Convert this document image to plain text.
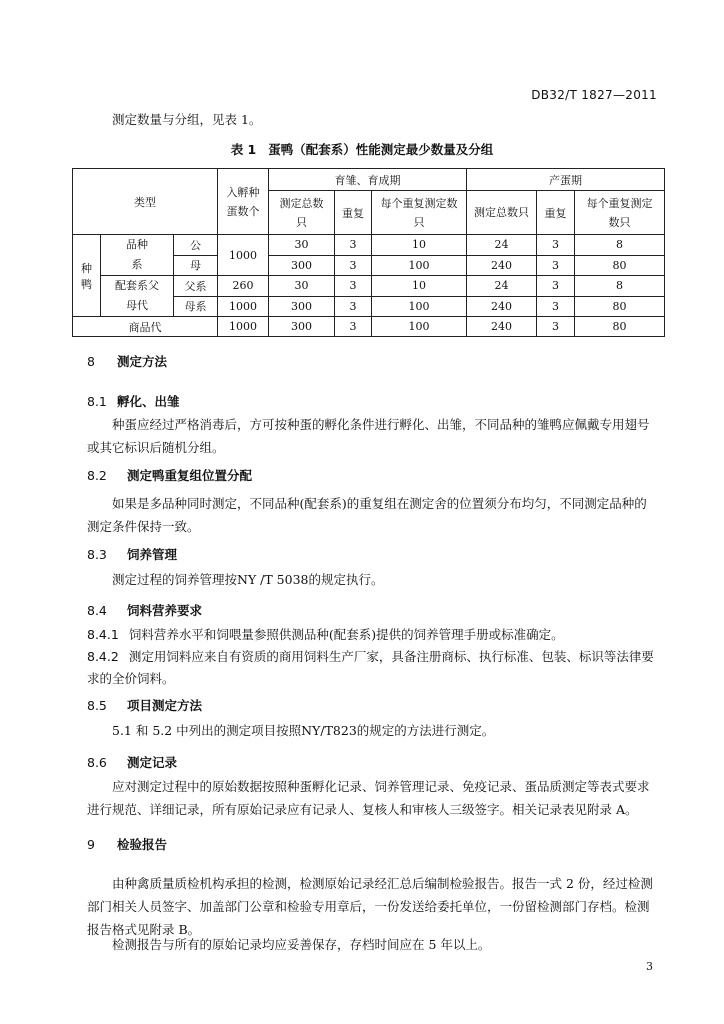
DB32/T 1827—2011
测定数量与分组，见表 1。
表 1 蛋鸭（配套系）性能测定最少数量及分组
类型			入孵种蛋数个	育雏、育成期			产蛋期		
				测定总数只	重复	每个重复测定数只	测定总数只	重复	每个重复测定数只
种鸭	品种系	公	1000	30	3	10	24	3	8
		母		300	3	100	240	3	80
	配套系父母代	父系	260	30	3	10	24	3	8
		母系	1000	300	3	100	240	3	80
商品代			1000	300	3	100	240	3	80
8 测定方法
8.1 孵化、出雏
种蛋应经过严格消毒后，方可按种蛋的孵化条件进行孵化、出雏，不同品种的雏鸭应佩戴专用翅号或其它标识后随机分组。
8.2 测定鸭重复组位置分配
如果是多品种同时测定，不同品种(配套系)的重复组在测定舍的位置须分布均匀，不同测定品种的测定条件保持一致。
8.3 饲养管理
测定过程的饲养管理按NY /T 5038的规定执行。
8.4 饲料营养要求
8.4.1 饲料营养水平和饲喂量参照供测品种(配套系)提供的饲养管理手册或标准确定。
8.4.2 测定用饲料应来自有资质的商用饲料生产厂家，具备注册商标、执行标准、包装、标识等法律要求的全价饲料。
8.5 项目测定方法
5.1 和 5.2 中列出的测定项目按照NY/T823的规定的方法进行测定。
8.6 测定记录
应对测定过程中的原始数据按照种蛋孵化记录、饲养管理记录、免疫记录、蛋品质测定等表式要求进行规范、详细记录，所有原始记录应有记录人、复核人和审核人三级签字。相关记录表见附录 A。
9 检验报告
由种禽质量质检机构承担的检测，检测原始记录经汇总后编制检验报告。报告一式 2 份，经过检测部门相关人员签字、加盖部门公章和检验专用章后，一份发送给委托单位，一份留检测部门存档。检测报告格式见附录 B。
检测报告与所有的原始记录均应妥善保存，存档时间应在 5 年以上。
3
